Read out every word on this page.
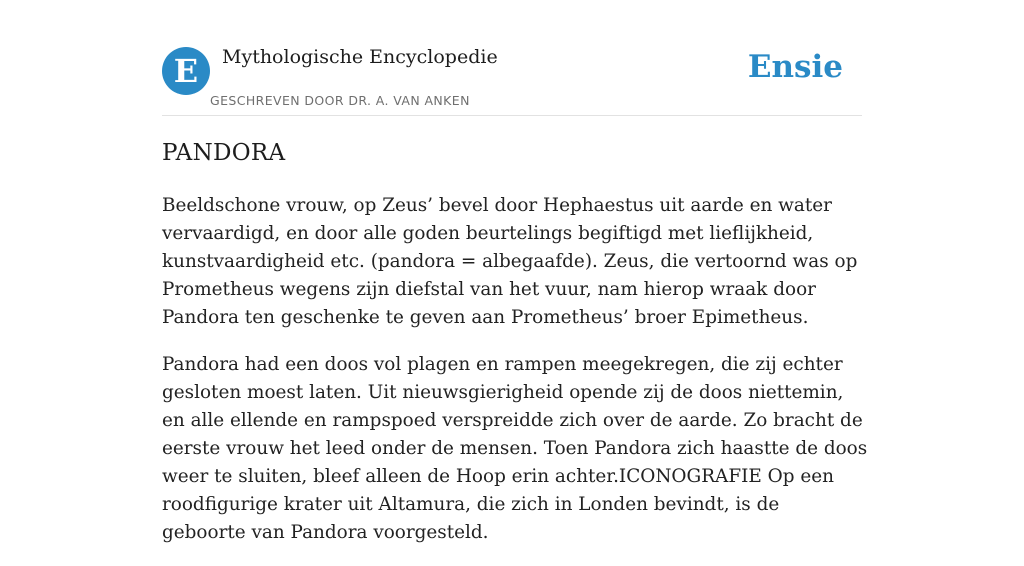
E	Mythologische Encyclopedie
GESCHREVEN DOOR DR. A. VAN ANKEN
Ensie
PANDORA

Beeldschone vrouw, op Zeus’ bevel door Hephaestus uit aarde en water vervaardigd, en door alle goden beurtelings begiftigd met lieflijkheid, kunstvaardigheid etc. (pandora = albegaafde). Zeus, die vertoornd was op Prometheus wegens zijn diefstal van het vuur, nam hierop wraak door Pandora ten geschenke te geven aan Prometheus’ broer Epimetheus.

Pandora had een doos vol plagen en rampen meegekregen, die zij echter gesloten moest laten. Uit nieuwsgierigheid opende zij de doos niettemin, en alle ellende en rampspoed verspreidde zich over de aarde. Zo bracht de eerste vrouw het leed onder de mensen. Toen Pandora zich haastte de doos weer te sluiten, bleef alleen de Hoop erin achter.ICONOGRAFIE Op een roodfigurige krater uit Altamura, die zich in Londen bevindt, is de geboorte van Pandora voorgesteld.
